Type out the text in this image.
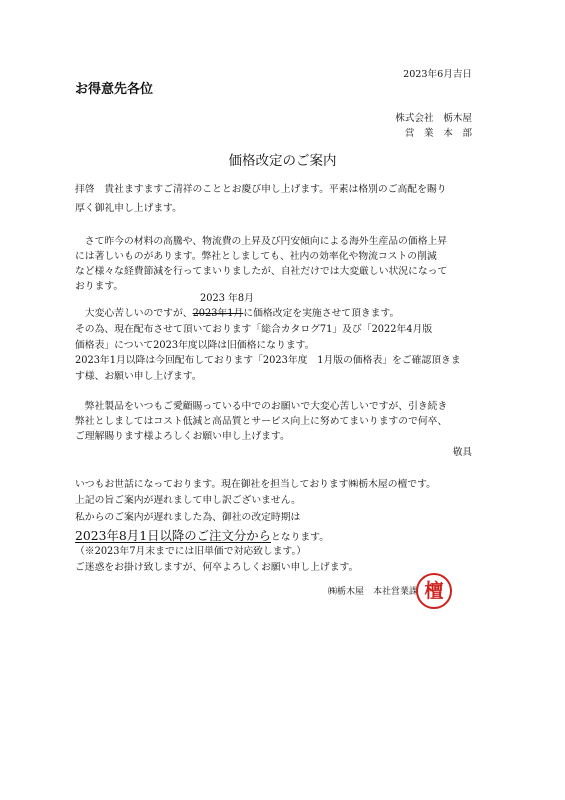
2023年6月吉日
お得意先各位
株式会社　栃木屋
営　業　本　部
価格改定のご案内
拝啓　貴社ますますご清祥のこととお慶び申し上げます。平素は格別のご高配を賜り
厚く御礼申し上げます。
　さて昨今の材料の高騰や、物流費の上昇及び円安傾向による海外生産品の価格上昇
には著しいものがあります。弊社としましても、社内の効率化や物流コストの削減
など様々な経費節減を行ってまいりましたが、自社だけでは大変厳しい状況になって
おります。
2023 年8月
　大変心苦しいのですが、2023年1月に価格改定を実施させて頂きます。
その為、現在配布させて頂いております「総合カタログ71」及び「2022年4月版
価格表」について2023年度以降は旧価格になります。
2023年1月以降は今回配布しております「2023年度　1月版の価格表」をご確認頂きま
す様、お願い申し上げます。
　弊社製品をいつもご愛顧賜っている中でのお願いで大変心苦しいですが、引き続き
弊社としましてはコスト低減と高品質とサービス向上に努めてまいりますので何卒、
ご理解賜ります様よろしくお願い申し上げます。
敬具
いつもお世話になっております。現在御社を担当しております㈱栃木屋の檀です。
上記の旨ご案内が遅れまして申し訳ございません。
私からのご案内が遅れました為、御社の改定時期は
2023年8月1日以降のご注文分からとなります。
（※2023年7月末までには旧単価で対応致します。）
ご迷惑をお掛け致しますが、何卒よろしくお願い申し上げます。
㈱栃木屋　本社営業課 檀
